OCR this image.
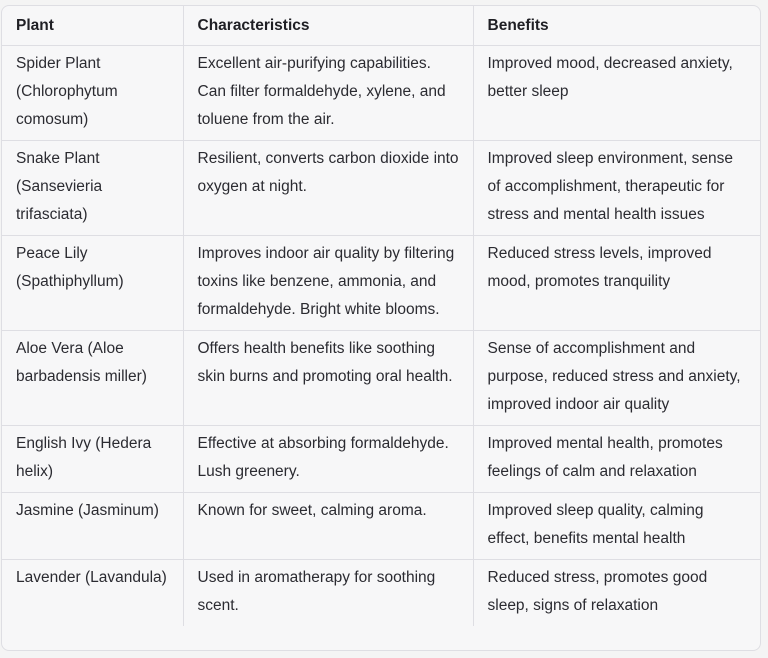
Plant	Characteristics	Benefits
Spider Plant (Chlorophytum comosum)	Excellent air-purifying capabilities. Can filter formaldehyde, xylene, and toluene from the air.	Improved mood, decreased anxiety, better sleep
Snake Plant (Sansevieria trifasciata)	Resilient, converts carbon dioxide into oxygen at night.	Improved sleep environment, sense of accomplishment, therapeutic for stress and mental health issues
Peace Lily (Spathiphyllum)	Improves indoor air quality by filtering toxins like benzene, ammonia, and formaldehyde. Bright white blooms.	Reduced stress levels, improved mood, promotes tranquility
Aloe Vera (Aloe barbadensis miller)	Offers health benefits like soothing skin burns and promoting oral health.	Sense of accomplishment and purpose, reduced stress and anxiety, improved indoor air quality
English Ivy (Hedera helix)	Effective at absorbing formaldehyde. Lush greenery.	Improved mental health, promotes feelings of calm and relaxation
Jasmine (Jasminum)	Known for sweet, calming aroma.	Improved sleep quality, calming effect, benefits mental health
Lavender (Lavandula)	Used in aromatherapy for soothing scent.	Reduced stress, promotes good sleep, signs of relaxation
